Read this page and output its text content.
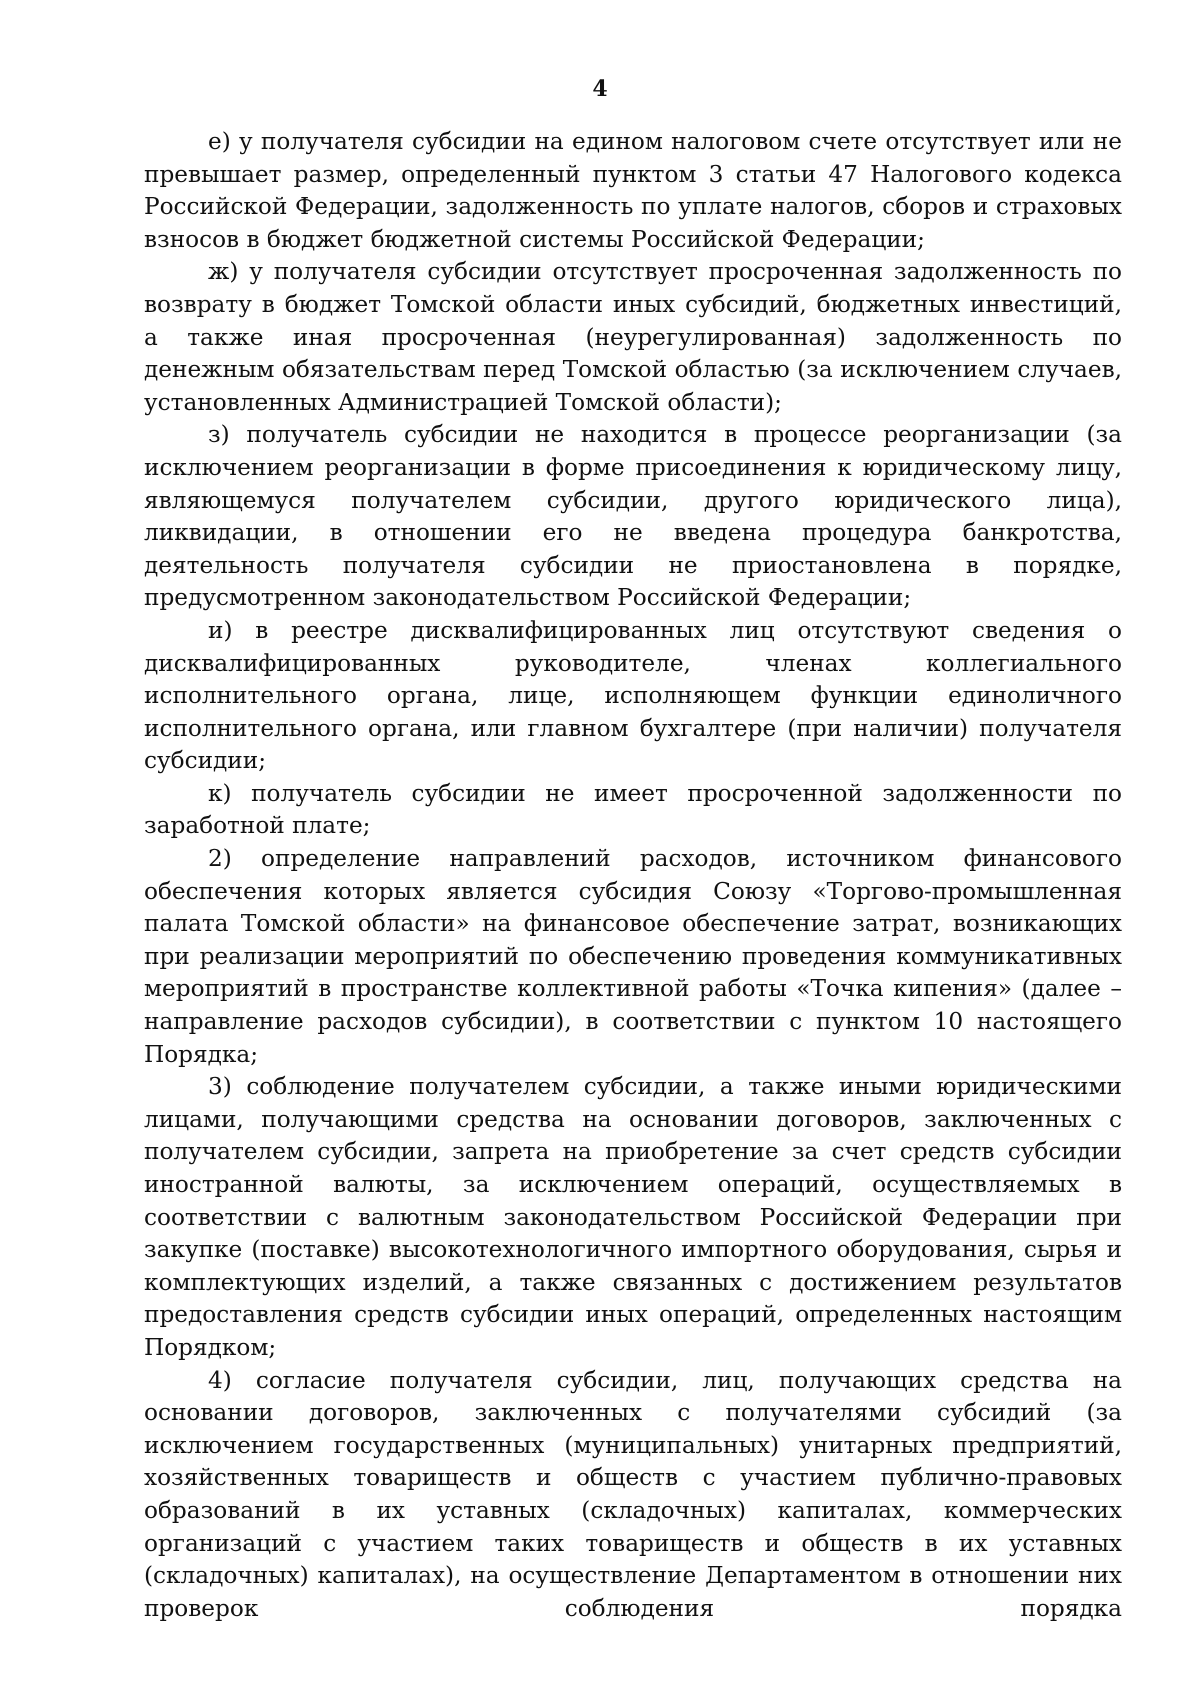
4

е) у получателя субсидии на едином налоговом счете отсутствует или не превышает размер, определенный пунктом 3 статьи 47 Налогового кодекса Российской Федерации, задолженность по уплате налогов, сборов и страховых взносов в бюджет бюджетной системы Российской Федерации;

ж) у получателя субсидии отсутствует просроченная задолженность по возврату в бюджет Томской области иных субсидий, бюджетных инвестиций, а также иная просроченная (неурегулированная) задолженность по денежным обязательствам перед Томской областью (за исключением случаев, установленных Администрацией Томской области);

з) получатель субсидии не находится в процессе реорганизации (за исключением реорганизации в форме присоединения к юридическому лицу, являющемуся получателем субсидии, другого юридического лица), ликвидации, в отношении его не введена процедура банкротства, деятельность получателя субсидии не приостановлена в порядке, предусмотренном законодательством Российской Федерации;

и) в реестре дисквалифицированных лиц отсутствуют сведения о дисквалифицированных руководителе, членах коллегиального исполнительного органа, лице, исполняющем функции единоличного исполнительного органа, или главном бухгалтере (при наличии) получателя субсидии;

к) получатель субсидии не имеет просроченной задолженности по заработной плате;

2) определение направлений расходов, источником финансового обеспечения которых является субсидия Союзу «Торгово-промышленная палата Томской области» на финансовое обеспечение затрат, возникающих при реализации мероприятий по обеспечению проведения коммуникативных мероприятий в пространстве коллективной работы «Точка кипения» (далее – направление расходов субсидии), в соответствии с пунктом 10 настоящего Порядка;

3) соблюдение получателем субсидии, а также иными юридическими лицами, получающими средства на основании договоров, заключенных с получателем субсидии, запрета на приобретение за счет средств субсидии иностранной валюты, за исключением операций, осуществляемых в соответствии с валютным законодательством Российской Федерации при закупке (поставке) высокотехнологичного импортного оборудования, сырья и комплектующих изделий, а также связанных с достижением результатов предоставления средств субсидии иных операций, определенных настоящим Порядком;

4) согласие получателя субсидии, лиц, получающих средства на основании договоров, заключенных с получателями субсидий (за исключением государственных (муниципальных) унитарных предприятий, хозяйственных товариществ и обществ с участием публично-правовых образований в их уставных (складочных) капиталах, коммерческих организаций с участием таких товариществ и обществ в их уставных (складочных) капиталах), на осуществление Департаментом в отношении них проверок соблюдения порядка
